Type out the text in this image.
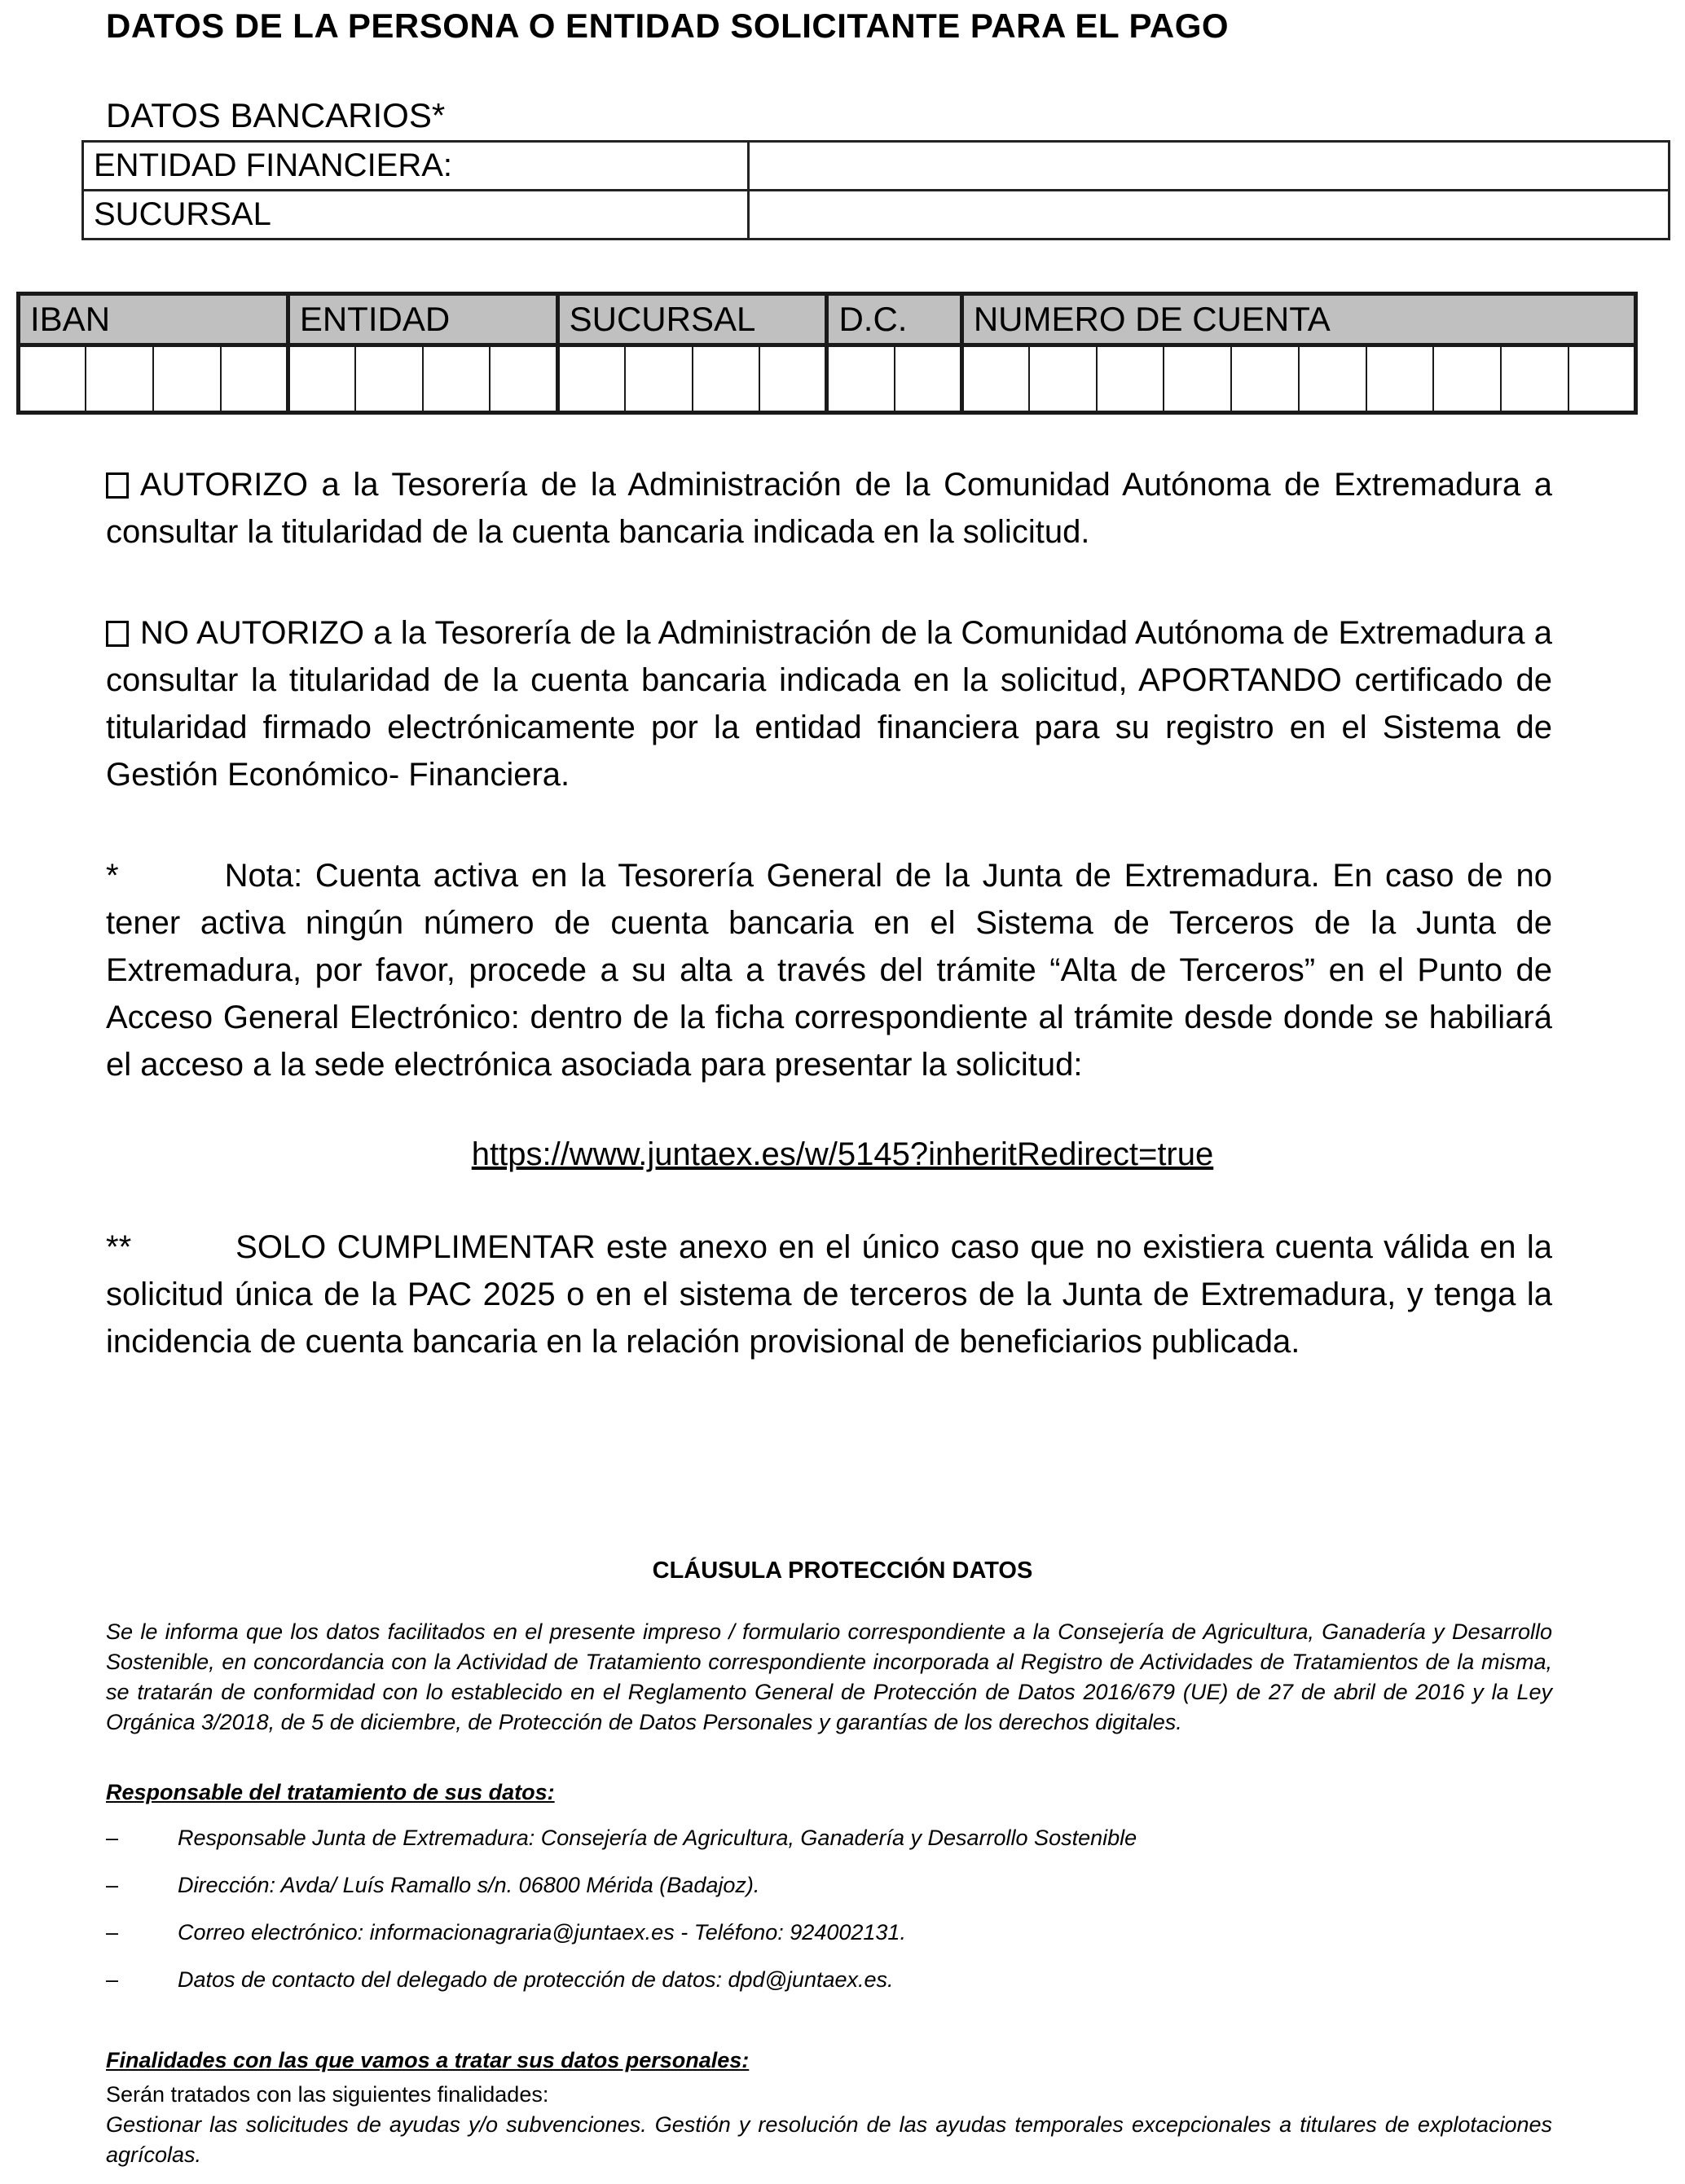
DATOS DE LA PERSONA O ENTIDAD SOLICITANTE PARA EL PAGO
DATOS BANCARIOS*
ENTIDAD FINANCIERA:	
SUCURSAL	
IBAN				ENTIDAD				SUCURSAL				D.C.		NUMERO DE CUENTA									

AUTORIZO a la Tesorería de la Administración de la Comunidad Autónoma de Extremadura a consultar la titularidad de la cuenta bancaria indicada en la solicitud.
NO AUTORIZO a la Tesorería de la Administración de la Comunidad Autónoma de Extremadura a consultar la titularidad de la cuenta bancaria indicada en la solicitud, APORTANDO certificado de titularidad firmado electrónicamente por la entidad financiera para su registro en el Sistema de Gestión Económico- Financiera.
*	Nota: Cuenta activa en la Tesorería General de la Junta de Extremadura. En caso de no tener activa ningún número de cuenta bancaria en el Sistema de Terceros de la Junta de Extremadura, por favor, procede a su alta a través del trámite “Alta de Terceros” en el Punto de Acceso General Electrónico: dentro de la ficha correspondiente al trámite desde donde se habiliará el acceso a la sede electrónica asociada para presentar la solicitud:
https://www.juntaex.es/w/5145?inheritRedirect=true
**	SOLO CUMPLIMENTAR este anexo en el único caso que no existiera cuenta válida en la solicitud única de la PAC 2025 o en el sistema de terceros de la Junta de Extremadura, y tenga la incidencia de cuenta bancaria en la relación provisional de beneficiarios publicada.
CLÁUSULA PROTECCIÓN DATOS
Se le informa que los datos facilitados en el presente impreso / formulario correspondiente a la Consejería de Agricultura, Ganadería y Desarrollo Sostenible, en concordancia con la Actividad de Tratamiento correspondiente incorporada al Registro de Actividades de Tratamientos de la misma, se tratarán de conformidad con lo establecido en el Reglamento General de Protección de Datos 2016/679 (UE) de 27 de abril de 2016 y la Ley Orgánica 3/2018, de 5 de diciembre, de Protección de Datos Personales y garantías de los derechos digitales.
Responsable del tratamiento de sus datos:
–	Responsable Junta de Extremadura: Consejería de Agricultura, Ganadería y Desarrollo Sostenible
–	Dirección: Avda/ Luís Ramallo s/n. 06800 Mérida (Badajoz).
–	Correo electrónico: informacionagraria@juntaex.es - Teléfono: 924002131.
–	Datos de contacto del delegado de protección de datos: dpd@juntaex.es.
Finalidades con las que vamos a tratar sus datos personales:
Serán tratados con las siguientes finalidades:
Gestionar las solicitudes de ayudas y/o subvenciones. Gestión y resolución de las ayudas temporales excepcionales a titulares de explotaciones agrícolas.
